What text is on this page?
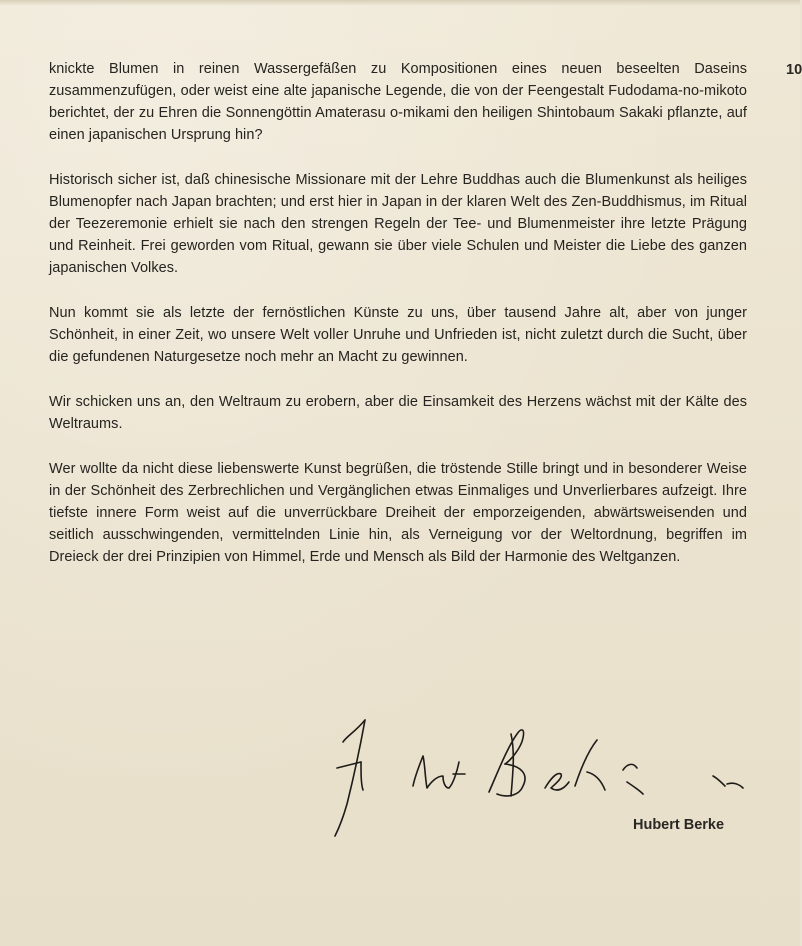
10

knickte Blumen in reinen Wassergefäßen zu Kompositionen eines neuen beseelten Daseins zusammenzufügen, oder weist eine alte japanische Legende, die von der Feengestalt Fudodama-no-mikoto berichtet, der zu Ehren die Sonnengöttin Amaterasu o-mikami den heiligen Shintobaum Sakaki pflanzte, auf einen japanischen Ursprung hin?

Historisch sicher ist, daß chinesische Missionare mit der Lehre Buddhas auch die Blumenkunst als heiliges Blumenopfer nach Japan brachten; und erst hier in Japan in der klaren Welt des Zen-Buddhismus, im Ritual der Teezeremonie erhielt sie nach den strengen Regeln der Tee- und Blumenmeister ihre letzte Prägung und Reinheit. Frei geworden vom Ritual, gewann sie über viele Schulen und Meister die Liebe des ganzen japanischen Volkes.

Nun kommt sie als letzte der fernöstlichen Künste zu uns, über tausend Jahre alt, aber von junger Schönheit, in einer Zeit, wo unsere Welt voller Unruhe und Unfrieden ist, nicht zuletzt durch die Sucht, über die gefundenen Naturgesetze noch mehr an Macht zu gewinnen.

Wir schicken uns an, den Weltraum zu erobern, aber die Einsamkeit des Herzens wächst mit der Kälte des Weltraums.

Wer wollte da nicht diese liebenswerte Kunst begrüßen, die tröstende Stille bringt und in besonderer Weise in der Schönheit des Zerbrechlichen und Vergänglichen etwas Einmaliges und Unverlierbares aufzeigt. Ihre tiefste innere Form weist auf die unverrückbare Dreiheit der emporzeigenden, abwärtsweisenden und seitlich ausschwingenden, vermittelnden Linie hin, als Verneigung vor der Weltordnung, begriffen im Dreieck der drei Prinzipien von Himmel, Erde und Mensch als Bild der Harmonie des Weltganzen.

Hubert Berke
